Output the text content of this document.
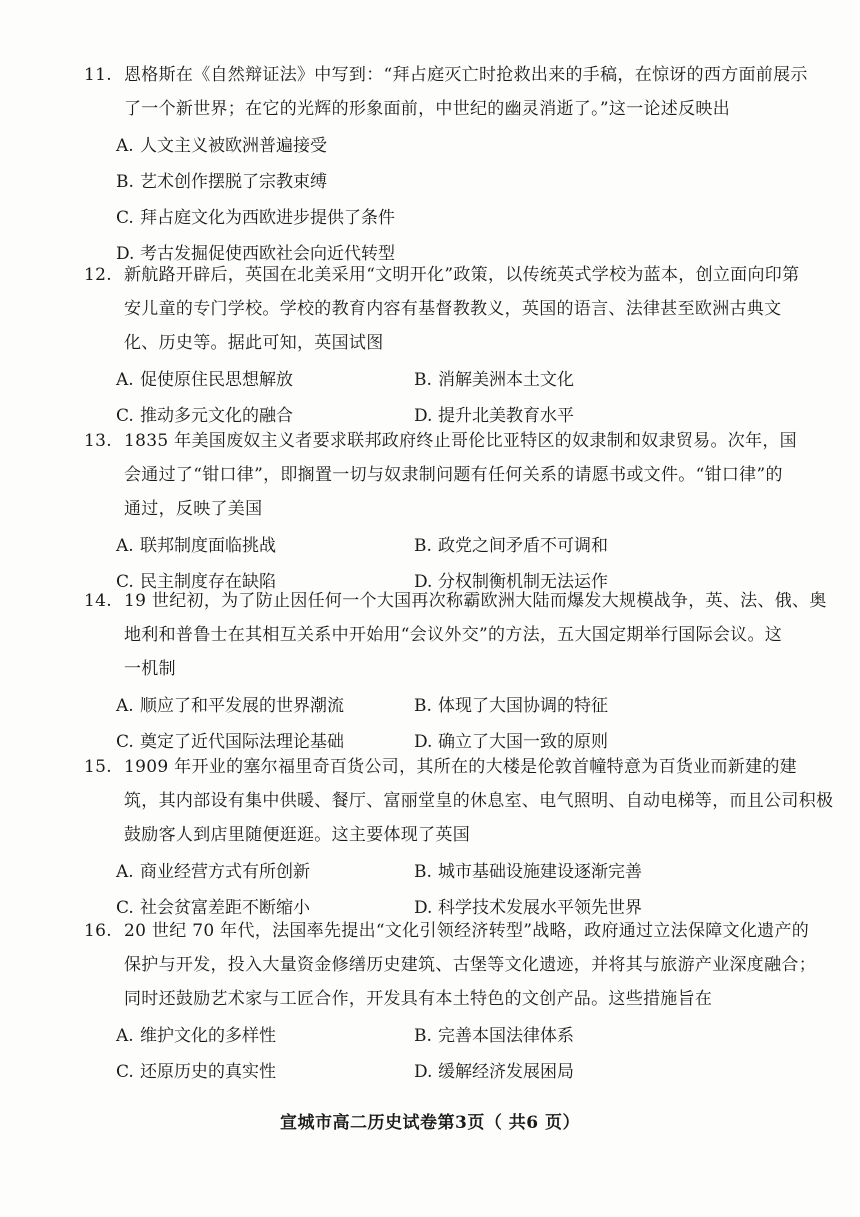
11. 恩格斯在《自然辩证法》中写到：“拜占庭灭亡时抢救出来的手稿，在惊讶的西方面前展示
了一个新世界；在它的光辉的形象面前，中世纪的幽灵消逝了。”这一论述反映出
A. 人文主义被欧洲普遍接受
B. 艺术创作摆脱了宗教束缚
C. 拜占庭文化为西欧进步提供了条件
D. 考古发掘促使西欧社会向近代转型
12. 新航路开辟后，英国在北美采用“文明开化”政策，以传统英式学校为蓝本，创立面向印第
安儿童的专门学校。学校的教育内容有基督教教义，英国的语言、法律甚至欧洲古典文
化、历史等。据此可知，英国试图
A. 促使原住民思想解放	B. 消解美洲本土文化
C. 推动多元文化的融合	D. 提升北美教育水平
13. 1835 年美国废奴主义者要求联邦政府终止哥伦比亚特区的奴隶制和奴隶贸易。次年，国
会通过了“钳口律”，即搁置一切与奴隶制问题有任何关系的请愿书或文件。“钳口律”的
通过，反映了美国
A. 联邦制度面临挑战	B. 政党之间矛盾不可调和
C. 民主制度存在缺陷	D. 分权制衡机制无法运作
14. 19 世纪初，为了防止因任何一个大国再次称霸欧洲大陆而爆发大规模战争，英、法、俄、奥
地利和普鲁士在其相互关系中开始用“会议外交”的方法，五大国定期举行国际会议。这
一机制
A. 顺应了和平发展的世界潮流	B. 体现了大国协调的特征
C. 奠定了近代国际法理论基础	D. 确立了大国一致的原则
15. 1909 年开业的塞尔福里奇百货公司，其所在的大楼是伦敦首幢特意为百货业而新建的建
筑，其内部设有集中供暖、餐厅、富丽堂皇的休息室、电气照明、自动电梯等，而且公司积极
鼓励客人到店里随便逛逛。这主要体现了英国
A. 商业经营方式有所创新	B. 城市基础设施建设逐渐完善
C. 社会贫富差距不断缩小	D. 科学技术发展水平领先世界
16. 20 世纪 70 年代，法国率先提出“文化引领经济转型”战略，政府通过立法保障文化遗产的
保护与开发，投入大量资金修缮历史建筑、古堡等文化遗迹，并将其与旅游产业深度融合；
同时还鼓励艺术家与工匠合作，开发具有本土特色的文创产品。这些措施旨在
A. 维护文化的多样性	B. 完善本国法律体系
C. 还原历史的真实性	D. 缓解经济发展困局
宣城市高二历史试卷第3页（ 共6 页）
